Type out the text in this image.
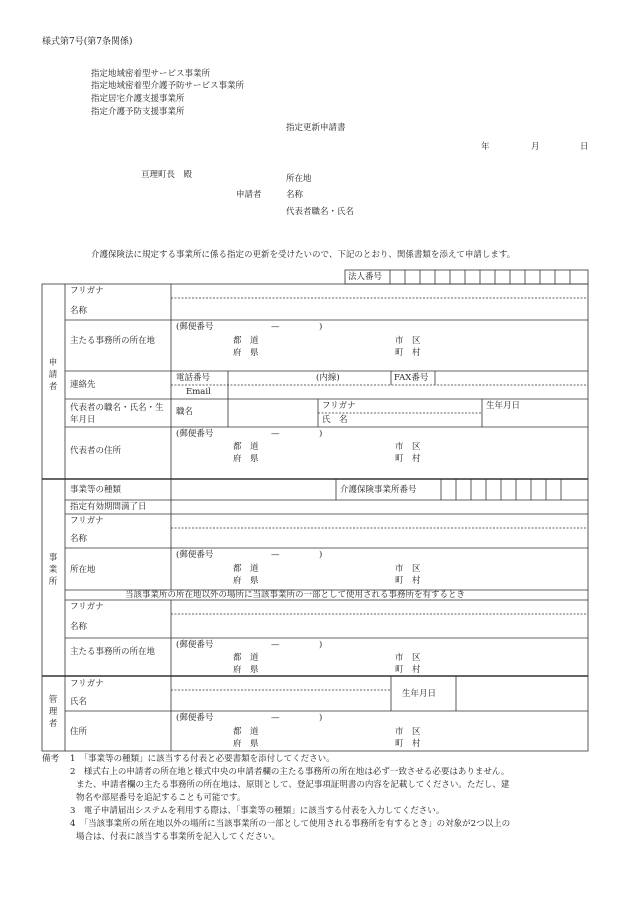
様式第7号(第7条関係)
指定地域密着型サービス事業所
指定地域密着型介護予防サービス事業所
指定居宅介護支援事業所
指定介護予防支援事業所
指定更新申請書
年	月	日
亘理町長　殿	所在地
申請者	名称
代表者職名・氏名
介護保険法に規定する事業所に係る指定の更新を受けたいので、下記のとおり、関係書類を添えて申請します。
法人番号
申請者
フリガナ
名称
主たる事務所の所在地
(郵便番号	—	)
都　道
府　県
市　区
町　村
連絡先
電話番号	(内線)	FAX番号
Email
代表者の職名・氏名・生年月日
職名
フリガナ
氏　名
生年月日
代表者の住所
(郵便番号	—	)
都　道
府　県
市　区
町　村
事業所
事業等の種類	介護保険事業所番号
指定有効期間満了日
フリガナ
名称
所在地
(郵便番号	—	)
都　道
府　県
市　区
町　村
当該事業所の所在地以外の場所に当該事業所の一部として使用される事務所を有するとき
フリガナ
名称
主たる事務所の所在地
(郵便番号	—	)
都　道
府　県
市　区
町　村
管理者
フリガナ
氏名
生年月日
住所
(郵便番号	—	)
都　道
府　県
市　区
町　村
備考 1　「事業等の種類」に該当する付表と必要書類を添付してください。
2　様式右上の申請者の所在地と様式中央の申請者欄の主たる事務所の所在地は必ず一致させる必要はありません。
また、申請者欄の主たる事務所の所在地は、原則として、登記事項証明書の内容を記載してください。ただし、建
物名や部屋番号を追記することも可能です。
3　電子申請届出システムを利用する際は、「事業等の種類」に該当する付表を入力してください。
4　「当該事業所の所在地以外の場所に当該事業所の一部として使用される事務所を有するとき」の対象が2つ以上の
場合は、付表に該当する事業所を記入してください。
